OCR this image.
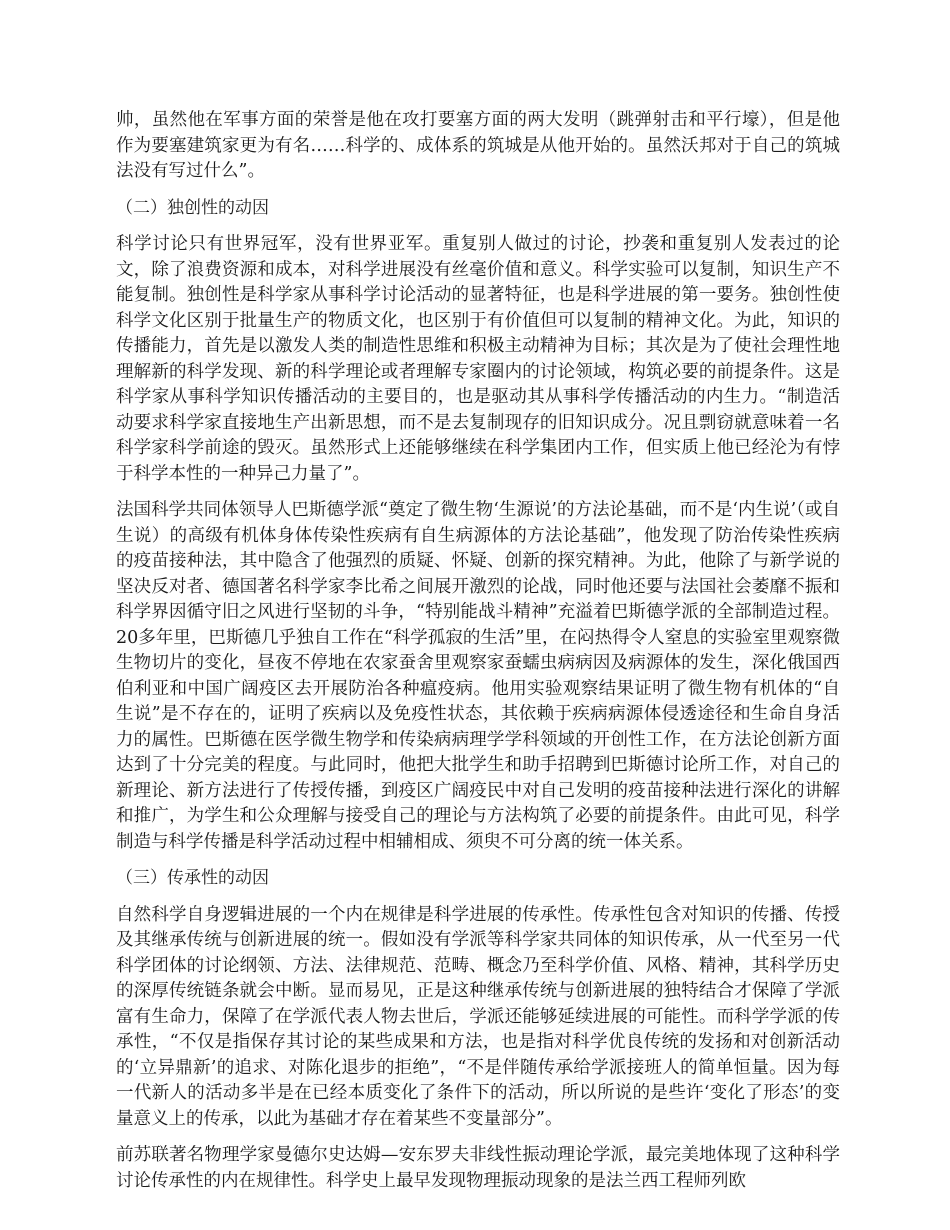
帅，虽然他在军事方面的荣誉是他在攻打要塞方面的两大发明（跳弹射击和平行壕），但是他作为要塞建筑家更为有名……科学的、成体系的筑城是从他开始的。虽然沃邦对于自己的筑城法没有写过什么”。

（二）独创性的动因

科学讨论只有世界冠军，没有世界亚军。重复别人做过的讨论，抄袭和重复别人发表过的论文，除了浪费资源和成本，对科学进展没有丝毫价值和意义。科学实验可以复制，知识生产不能复制。独创性是科学家从事科学讨论活动的显著特征，也是科学进展的第一要务。独创性使科学文化区别于批量生产的物质文化，也区别于有价值但可以复制的精神文化。为此，知识的传播能力，首先是以激发人类的制造性思维和积极主动精神为目标；其次是为了使社会理性地理解新的科学发现、新的科学理论或者理解专家圈内的讨论领域，构筑必要的前提条件。这是科学家从事科学知识传播活动的主要目的，也是驱动其从事科学传播活动的内生力。“制造活动要求科学家直接地生产出新思想，而不是去复制现存的旧知识成分。况且剽窃就意味着一名科学家科学前途的毁灭。虽然形式上还能够继续在科学集团内工作，但实质上他已经沦为有悖于科学本性的一种异己力量了”。

法国科学共同体领导人巴斯德学派“奠定了微生物‘生源说’的方法论基础，而不是‘内生说’（或自生说）的高级有机体身体传染性疾病有自生病源体的方法论基础”，他发现了防治传染性疾病的疫苗接种法，其中隐含了他强烈的质疑、怀疑、创新的探究精神。为此，他除了与新学说的坚决反对者、德国著名科学家李比希之间展开激烈的论战，同时他还要与法国社会萎靡不振和科学界因循守旧之风进行坚韧的斗争，“特别能战斗精神”充溢着巴斯德学派的全部制造过程。20多年里，巴斯德几乎独自工作在“科学孤寂的生活”里，在闷热得令人窒息的实验室里观察微生物切片的变化，昼夜不停地在农家蚕舍里观察家蚕蠕虫病病因及病源体的发生，深化俄国西伯利亚和中国广阔疫区去开展防治各种瘟疫病。他用实验观察结果证明了微生物有机体的“自生说”是不存在的，证明了疾病以及免疫性状态，其依赖于疾病病源体侵透途径和生命自身活力的属性。巴斯德在医学微生物学和传染病病理学学科领域的开创性工作，在方法论创新方面达到了十分完美的程度。与此同时，他把大批学生和助手招聘到巴斯德讨论所工作，对自己的新理论、新方法进行了传授传播，到疫区广阔疫民中对自己发明的疫苗接种法进行深化的讲解和推广，为学生和公众理解与接受自己的理论与方法构筑了必要的前提条件。由此可见，科学制造与科学传播是科学活动过程中相辅相成、须臾不可分离的统一体关系。

（三）传承性的动因

自然科学自身逻辑进展的一个内在规律是科学进展的传承性。传承性包含对知识的传播、传授及其继承传统与创新进展的统一。假如没有学派等科学家共同体的知识传承，从一代至另一代科学团体的讨论纲领、方法、法律规范、范畴、概念乃至科学价值、风格、精神，其科学历史的深厚传统链条就会中断。显而易见，正是这种继承传统与创新进展的独特结合才保障了学派富有生命力，保障了在学派代表人物去世后，学派还能够延续进展的可能性。而科学学派的传承性，“不仅是指保存其讨论的某些成果和方法，也是指对科学优良传统的发扬和对创新活动的‘立异鼎新’的追求、对陈化退步的拒绝”，“不是伴随传承给学派接班人的简单恒量。因为每一代新人的活动多半是在已经本质变化了条件下的活动，所以所说的是些许‘变化了形态’的变量意义上的传承，以此为基础才存在着某些不变量部分”。

前苏联著名物理学家曼德尔史达姆—安东罗夫非线性振动理论学派，最完美地体现了这种科学讨论传承性的内在规律性。科学史上最早发现物理振动现象的是法兰西工程师列欧
